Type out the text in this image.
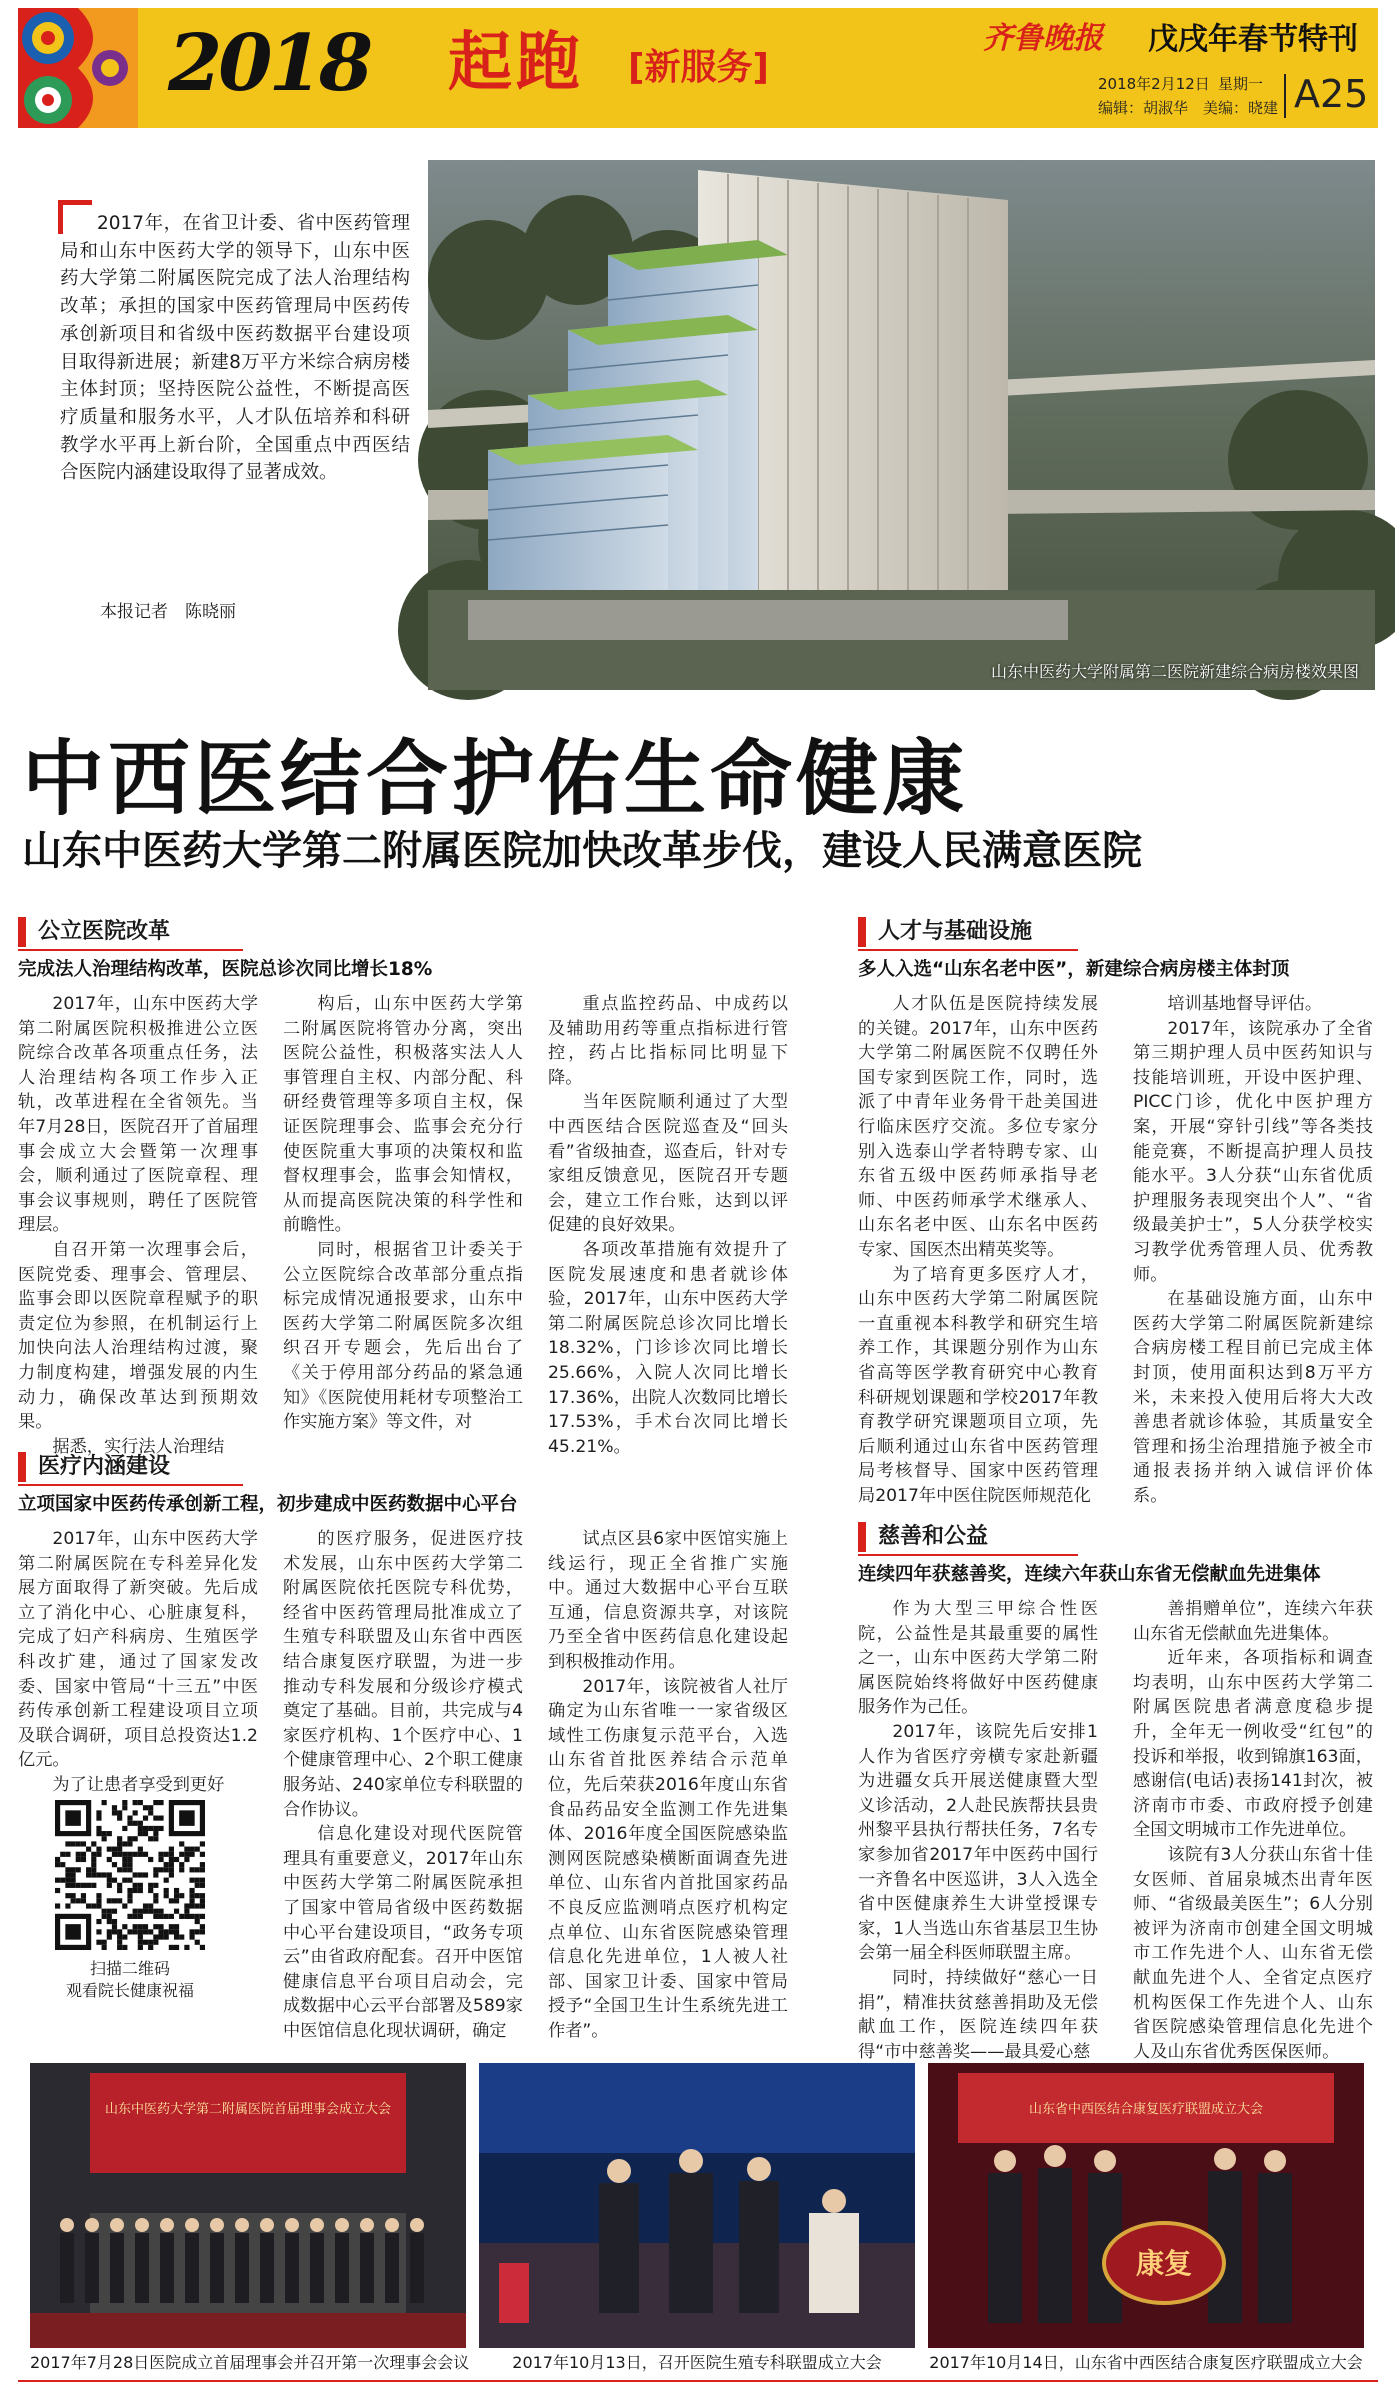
2018 起跑 [新服务]
齐鲁晚报 戊戌年春节特刊
2018年2月12日 星期一
编辑：胡淑华　美编：晓建 A25
2017年，在省卫计委、省中医药管理局和山东中医药大学的领导下，山东中医药大学第二附属医院完成了法人治理结构改革；承担的国家中医药管理局中医药传承创新项目和省级中医药数据平台建设项目取得新进展；新建8万平方米综合病房楼主体封顶；坚持医院公益性，不断提高医疗质量和服务水平，人才队伍培养和科研教学水平再上新台阶，全国重点中西医结合医院内涵建设取得了显著成效。
本报记者　陈晓丽
山东中医药大学附属第二医院新建综合病房楼效果图
中西医结合护佑生命健康
山东中医药大学第二附属医院加快改革步伐，建设人民满意医院
公立医院改革
完成法人治理结构改革，医院总诊次同比增长18%

2017年，山东中医药大学第二附属医院积极推进公立医院综合改革各项重点任务，法人治理结构各项工作步入正轨，改革进程在全省领先。当年7月28日，医院召开了首届理事会成立大会暨第一次理事会，顺利通过了医院章程、理事会议事规则，聘任了医院管理层。

自召开第一次理事会后，医院党委、理事会、管理层、监事会即以医院章程赋予的职责定位为参照，在机制运行上加快向法人治理结构过渡，聚力制度构建，增强发展的内生动力，确保改革达到预期效果。

据悉，实行法人治理结

构后，山东中医药大学第二附属医院将管办分离，突出医院公益性，积极落实法人人事管理自主权、内部分配、科研经费管理等多项自主权，保证医院理事会、监事会充分行使医院重大事项的决策权和监督权理事会，监事会知情权，从而提高医院决策的科学性和前瞻性。

同时，根据省卫计委关于公立医院综合改革部分重点指标完成情况通报要求，山东中医药大学第二附属医院多次组织召开专题会，先后出台了《关于停用部分药品的紧急通知》《医院使用耗材专项整治工作实施方案》等文件，对

重点监控药品、中成药以及辅助用药等重点指标进行管控，药占比指标同比明显下降。

当年医院顺利通过了大型中西医结合医院巡查及“回头看”省级抽查，巡查后，针对专家组反馈意见，医院召开专题会，建立工作台账，达到以评促建的良好效果。

各项改革措施有效提升了医院发展速度和患者就诊体验，2017年，山东中医药大学第二附属医院总诊次同比增长18.32%，门诊诊次同比增长25.66%，入院人次同比增长17.36%，出院人次数同比增长17.53%，手术台次同比增长45.21%。

医疗内涵建设
立项国家中医药传承创新工程，初步建成中医药数据中心平台

2017年，山东中医药大学第二附属医院在专科差异化发展方面取得了新突破。先后成立了消化中心、心脏康复科，完成了妇产科病房、生殖医学科改扩建，通过了国家发改委、国家中管局“十三五”中医药传承创新工程建设项目立项及联合调研，项目总投资达1.2亿元。

为了让患者享受到更好

的医疗服务，促进医疗技术发展，山东中医药大学第二附属医院依托医院专科优势，经省中医药管理局批准成立了生殖专科联盟及山东省中西医结合康复医疗联盟，为进一步推动专科发展和分级诊疗模式奠定了基础。目前，共完成与4家医疗机构、1个医疗中心、1个健康管理中心、2个职工健康服务站、240家单位专科联盟的合作协议。

信息化建设对现代医院管理具有重要意义，2017年山东中医药大学第二附属医院承担了国家中管局省级中医药数据中心平台建设项目，“政务专项云”由省政府配套。召开中医馆健康信息平台项目启动会，完成数据中心云平台部署及589家中医馆信息化现状调研，确定

试点区县6家中医馆实施上线运行，现正全省推广实施中。通过大数据中心平台互联互通，信息资源共享，对该院乃至全省中医药信息化建设起到积极推动作用。

2017年，该院被省人社厅确定为山东省唯一一家省级区域性工伤康复示范平台，入选山东省首批医养结合示范单位，先后荣获2016年度山东省食品药品安全监测工作先进集体、2016年度全国医院感染监测网医院感染横断面调查先进单位、山东省内首批国家药品不良反应监测哨点医疗机构定点单位、山东省医院感染管理信息化先进单位，1人被人社部、国家卫计委、国家中管局授予“全国卫生计生系统先进工作者”。

扫描二维码
观看院长健康祝福
人才与基础设施
多人入选“山东名老中医”，新建综合病房楼主体封顶

人才队伍是医院持续发展的关键。2017年，山东中医药大学第二附属医院不仅聘任外国专家到医院工作，同时，选派了中青年业务骨干赴美国进行临床医疗交流。多位专家分别入选泰山学者特聘专家、山东省五级中医药师承指导老师、中医药师承学术继承人、山东名老中医、山东名中医药专家、国医杰出精英奖等。

为了培育更多医疗人才，山东中医药大学第二附属医院一直重视本科教学和研究生培养工作，其课题分别作为山东省高等医学教育研究中心教育科研规划课题和学校2017年教育教学研究课题项目立项，先后顺利通过山东省中医药管理局考核督导、国家中医药管理局2017年中医住院医师规范化

培训基地督导评估。

2017年，该院承办了全省第三期护理人员中医药知识与技能培训班，开设中医护理、PICC门诊，优化中医护理方案，开展“穿针引线”等各类技能竞赛，不断提高护理人员技能水平。3人分获“山东省优质护理服务表现突出个人”、“省级最美护士”，5人分获学校实习教学优秀管理人员、优秀教师。

在基础设施方面，山东中医药大学第二附属医院新建综合病房楼工程目前已完成主体封顶，使用面积达到8万平方米，未来投入使用后将大大改善患者就诊体验，其质量安全管理和扬尘治理措施予被全市通报表扬并纳入诚信评价体系。

慈善和公益
连续四年获慈善奖，连续六年获山东省无偿献血先进集体

作为大型三甲综合性医院，公益性是其最重要的属性之一，山东中医药大学第二附属医院始终将做好中医药健康服务作为己任。

2017年，该院先后安排1人作为省医疗旁横专家赴新疆为进疆女兵开展送健康暨大型义诊活动，2人赴民族帮扶县贵州黎平县执行帮扶任务，7名专家参加省2017年中医药中国行一齐鲁名中医巡讲，3人入选全省中医健康养生大讲堂授课专家，1人当选山东省基层卫生协会第一届全科医师联盟主席。

同时，持续做好“慈心一日捐”，精准扶贫慈善捐助及无偿献血工作，医院连续四年获得“市中慈善奖——最具爱心慈

善捐赠单位”，连续六年获山东省无偿献血先进集体。

近年来，各项指标和调查均表明，山东中医药大学第二附属医院患者满意度稳步提升，全年无一例收受“红包”的投诉和举报，收到锦旗163面，感谢信(电话)表扬141封次，被济南市市委、市政府授予创建全国文明城市工作先进单位。

该院有3人分获山东省十佳女医师、首届泉城杰出青年医师、“省级最美医生”；6人分别被评为济南市创建全国文明城市工作先进个人、山东省无偿献血先进个人、全省定点医疗机构医保工作先进个人、山东省医院感染管理信息化先进个人及山东省优秀医保医师。

山东中医药大学第二附属医院首届理事会成立大会
2017年7月28日医院成立首届理事会并召开第一次理事会会议	2017年10月13日，召开医院生殖专科联盟成立大会
山东省中西医结合康复医疗联盟成立大会
康复
2017年10月14日，山东省中西医结合康复医疗联盟成立大会
